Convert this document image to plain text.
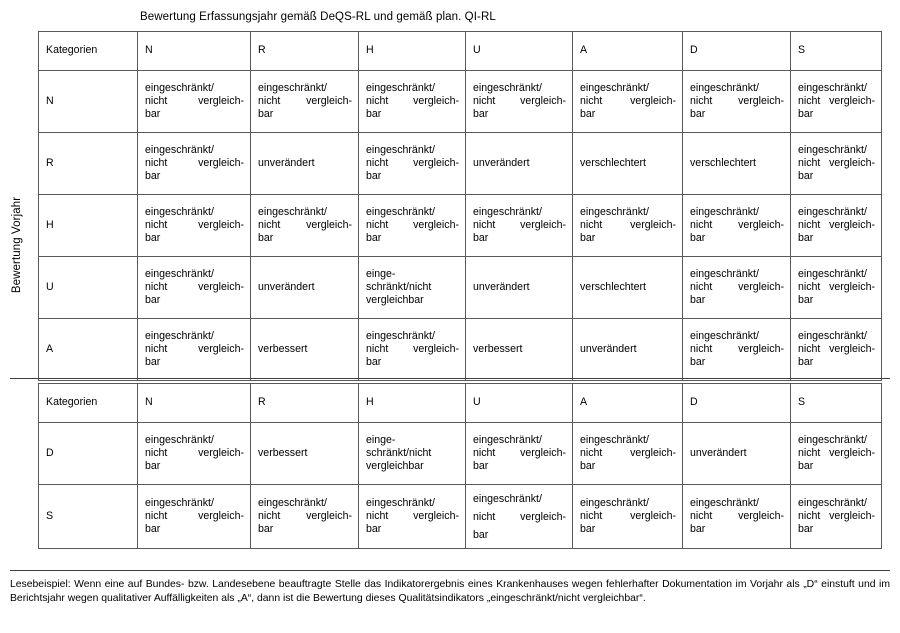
Bewertung Erfassungsjahr gemäß DeQS-RL und gemäß plan. QI-RL
Bewertung Vorjahr
Kategorien	N	R	H	U	A	D	S
N	eingeschränkt/
nicht vergleich-
bar	eingeschränkt/
nicht vergleich-
bar	eingeschränkt/
nicht vergleich-
bar	eingeschränkt/
nicht vergleich-
bar	eingeschränkt/
nicht vergleich-
bar	eingeschränkt/
nicht vergleich-
bar	eingeschränkt/
nicht vergleich-
bar

R	eingeschränkt/
nicht vergleich-
bar	unverändert	eingeschränkt/
nicht vergleich-
bar	unverändert	verschlechtert	verschlechtert	eingeschränkt/
nicht vergleich-
bar

H	eingeschränkt/
nicht vergleich-
bar	eingeschränkt/
nicht vergleich-
bar	eingeschränkt/
nicht vergleich-
bar	eingeschränkt/
nicht vergleich-
bar	eingeschränkt/
nicht vergleich-
bar	eingeschränkt/
nicht vergleich-
bar	eingeschränkt/
nicht vergleich-
bar

U	eingeschränkt/
nicht vergleich-
bar	unverändert	einge-
schränkt/nicht
vergleichbar	unverändert	verschlechtert	eingeschränkt/
nicht vergleich-
bar	eingeschränkt/
nicht vergleich-
bar

A	eingeschränkt/
nicht vergleich-
bar	verbessert	eingeschränkt/
nicht vergleich-
bar	verbessert	unverändert	eingeschränkt/
nicht vergleich-
bar	eingeschränkt/
nicht vergleich-
bar
Kategorien	N	R	H	U	A	D	S
D	eingeschränkt/
nicht vergleich-
bar	verbessert	einge-
schränkt/nicht
vergleichbar	eingeschränkt/
nicht vergleich-
bar	eingeschränkt/
nicht vergleich-
bar	unverändert	eingeschränkt/
nicht vergleich-
bar

S	eingeschränkt/
nicht vergleich-
bar	eingeschränkt/
nicht vergleich-
bar	eingeschränkt/
nicht vergleich-
bar	eingeschränkt/
nicht vergleich-
bar	eingeschränkt/
nicht vergleich-
bar	eingeschränkt/
nicht vergleich-
bar	eingeschränkt/
nicht vergleich-
bar

Lesebeispiel: Wenn eine auf Bundes- bzw. Landesebene beauftragte Stelle das Indikatorergebnis eines Krankenhauses wegen fehlerhafter Dokumentation im Vorjahr als „D“ einstuft und im Berichtsjahr wegen qualitativer Auffälligkeiten als „A“, dann ist die Bewertung dieses Qualitätsindikators „eingeschränkt/nicht vergleichbar“.
